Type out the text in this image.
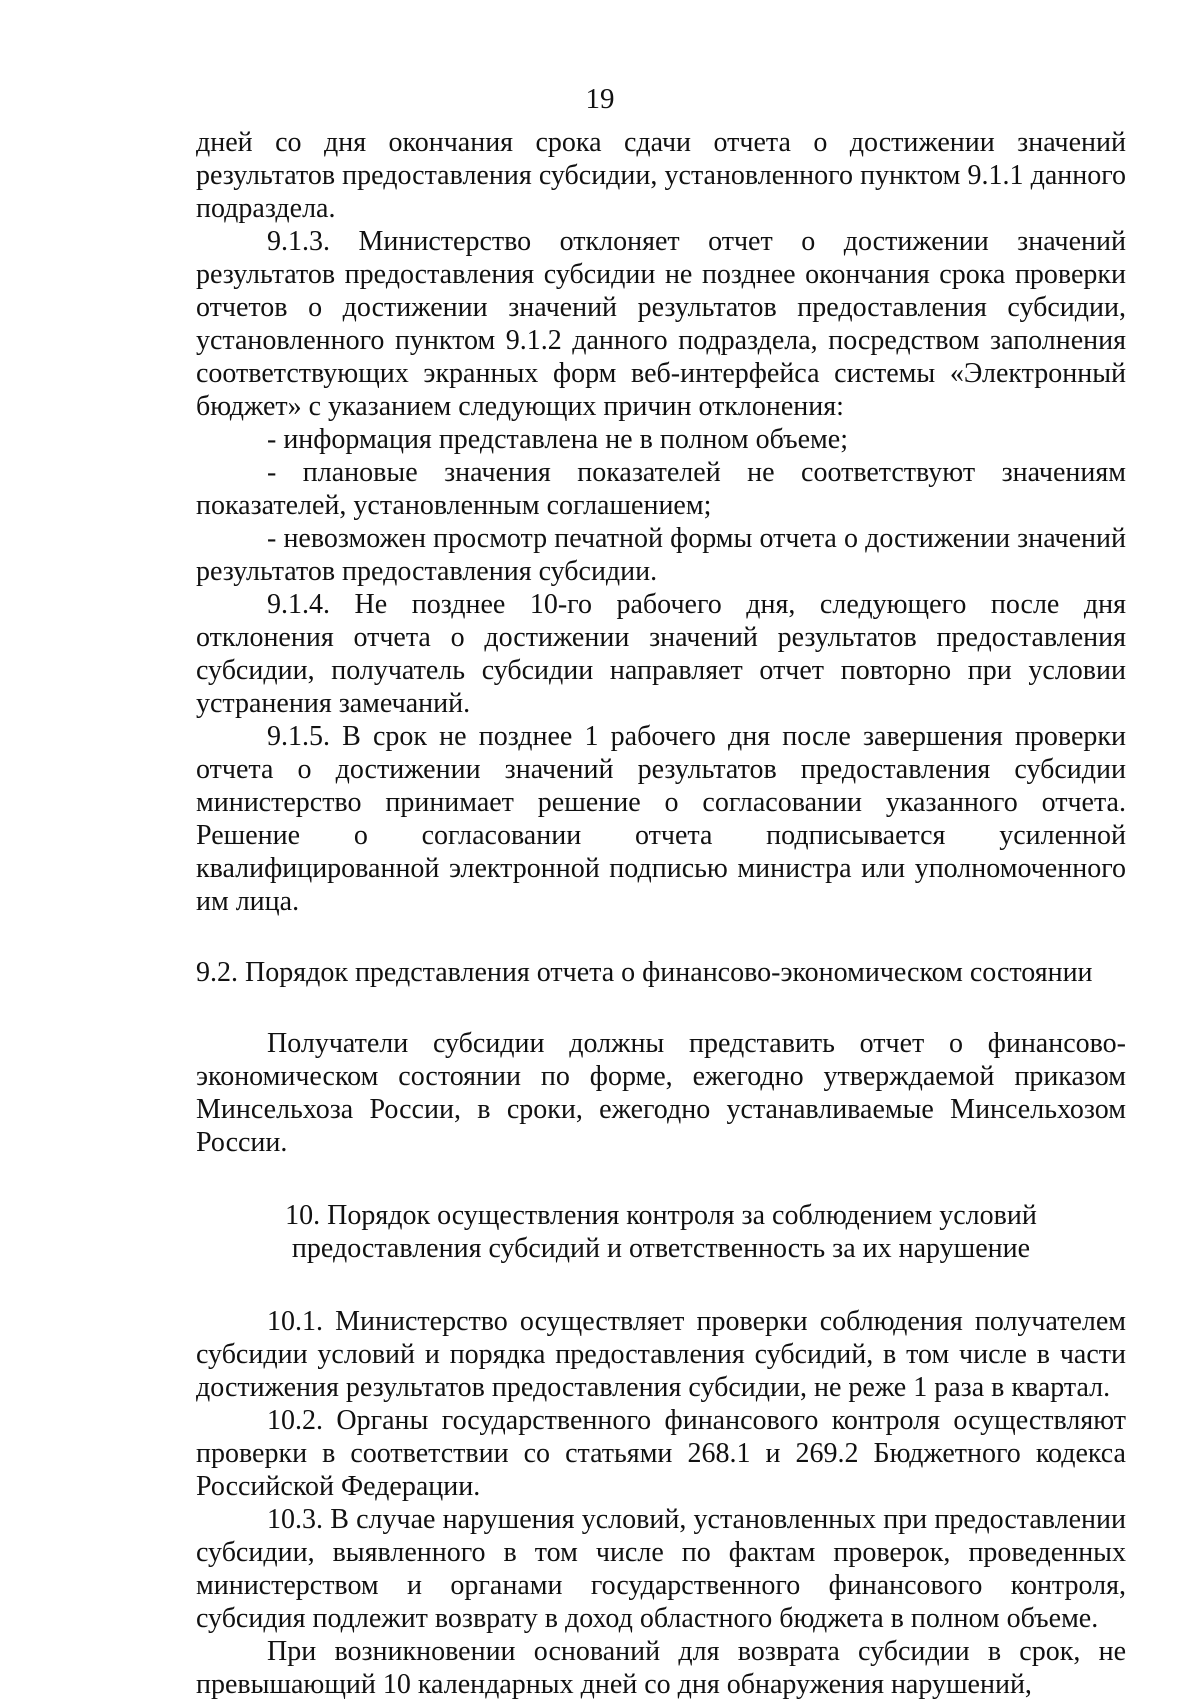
19

дней со дня окончания срока сдачи отчета о достижении значений результатов предоставления субсидии, установленного пунктом 9.1.1 данного подраздела.

9.1.3. Министерство отклоняет отчет о достижении значений результатов предоставления субсидии не позднее окончания срока проверки отчетов о достижении значений результатов предоставления субсидии, установленного пунктом 9.1.2 данного подраздела, посредством заполнения соответствующих экранных форм веб-интерфейса системы «Электронный бюджет» с указанием следующих причин отклонения:

- информация представлена не в полном объеме;

- плановые значения показателей не соответствуют значениям показателей, установленным соглашением;

- невозможен просмотр печатной формы отчета о достижении значений результатов предоставления субсидии.

9.1.4. Не позднее 10-го рабочего дня, следующего после дня отклонения отчета о достижении значений результатов предоставления субсидии, получатель субсидии направляет отчет повторно при условии устранения замечаний.

9.1.5. В срок не позднее 1 рабочего дня после завершения проверки отчета о достижении значений результатов предоставления субсидии министерство принимает решение о согласовании указанного отчета. Решение о согласовании отчета подписывается усиленной квалифицированной электронной подписью министра или уполномоченного им лица.

9.2. Порядок представления отчета о финансово-экономическом состоянии

Получатели субсидии должны представить отчет о финансово-экономическом состоянии по форме, ежегодно утверждаемой приказом Минсельхоза России, в сроки, ежегодно устанавливаемые Минсельхозом России.

10. Порядок осуществления контроля за соблюдением условий
предоставления субсидий и ответственность за их нарушение

10.1. Министерство осуществляет проверки соблюдения получателем субсидии условий и порядка предоставления субсидий, в том числе в части достижения результатов предоставления субсидии, не реже 1 раза в квартал.

10.2. Органы государственного финансового контроля осуществляют проверки в соответствии со статьями 268.1 и 269.2 Бюджетного кодекса Российской Федерации.

10.3. В случае нарушения условий, установленных при предоставлении субсидии, выявленного в том числе по фактам проверок, проведенных министерством и органами государственного финансового контроля, субсидия подлежит возврату в доход областного бюджета в полном объеме.

При возникновении оснований для возврата субсидии в срок, не превышающий 10 календарных дней со дня обнаружения нарушений,
